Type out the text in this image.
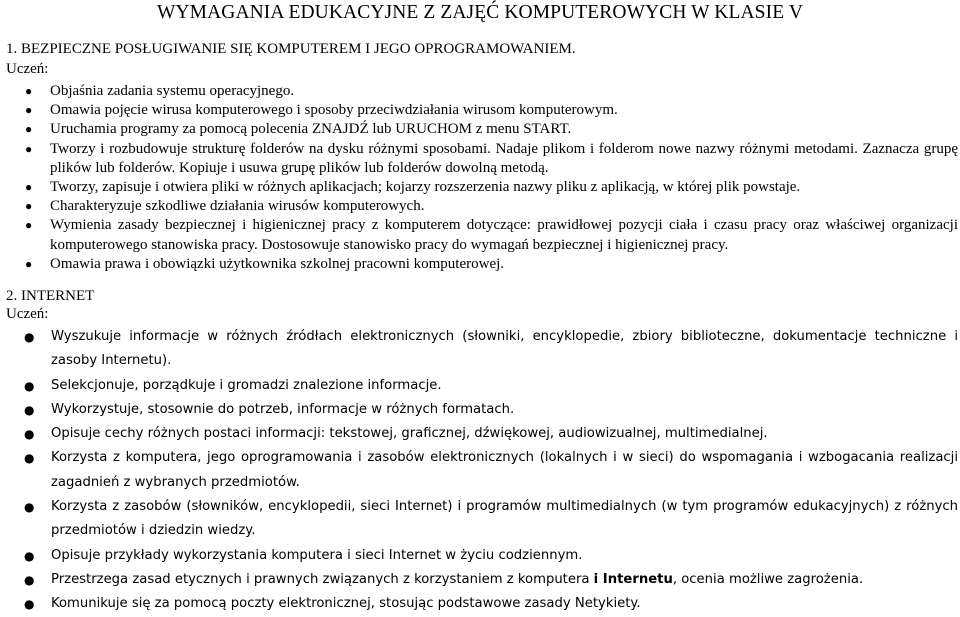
WYMAGANIA EDUKACYJNE Z ZAJĘĆ KOMPUTEROWYCH W KLASIE V
1. BEZPIECZNE POSŁUGIWANIE SIĘ KOMPUTEREM I JEGO OPROGRAMOWANIEM.
Uczeń:
● Objaśnia zadania systemu operacyjnego.
● Omawia pojęcie wirusa komputerowego i sposoby przeciwdziałania wirusom komputerowym.
● Uruchamia programy za pomocą polecenia ZNAJDŹ lub URUCHOM z menu START.
● Tworzy i rozbudowuje strukturę folderów na dysku różnymi sposobami. Nadaje plikom i folderom nowe nazwy różnymi metodami. Zaznacza grupę plików lub folderów. Kopiuje i usuwa grupę plików lub folderów dowolną metodą.
● Tworzy, zapisuje i otwiera pliki w różnych aplikacjach; kojarzy rozszerzenia nazwy pliku z aplikacją, w której plik powstaje.
● Charakteryzuje szkodliwe działania wirusów komputerowych.
● Wymienia zasady bezpiecznej i higienicznej pracy z komputerem dotyczące: prawidłowej pozycji ciała i czasu pracy oraz właściwej organizacji komputerowego stanowiska pracy. Dostosowuje stanowisko pracy do wymagań bezpiecznej i higienicznej pracy.
● Omawia prawa i obowiązki użytkownika szkolnej pracowni komputerowej.
2. INTERNET
Uczeń:
● Wyszukuje informacje w różnych źródłach elektronicznych (słowniki, encyklopedie, zbiory biblioteczne, dokumentacje techniczne i zasoby Internetu).
● Selekcjonuje, porządkuje i gromadzi znalezione informacje.
● Wykorzystuje, stosownie do potrzeb, informacje w różnych formatach.
● Opisuje cechy różnych postaci informacji: tekstowej, graficznej, dźwiękowej, audiowizualnej, multimedialnej.
● Korzysta z komputera, jego oprogramowania i zasobów elektronicznych (lokalnych i w sieci) do wspomagania i wzbogacania realizacji zagadnień z wybranych przedmiotów.
● Korzysta z zasobów (słowników, encyklopedii, sieci Internet) i programów multimedialnych (w tym programów edukacyjnych) z różnych przedmiotów i dziedzin wiedzy.
● Opisuje przykłady wykorzystania komputera i sieci Internet w życiu codziennym.
● Przestrzega zasad etycznych i prawnych związanych z korzystaniem z komputera i Internetu, ocenia możliwe zagrożenia.
● Komunikuje się za pomocą poczty elektronicznej, stosując podstawowe zasady Netykiety.
